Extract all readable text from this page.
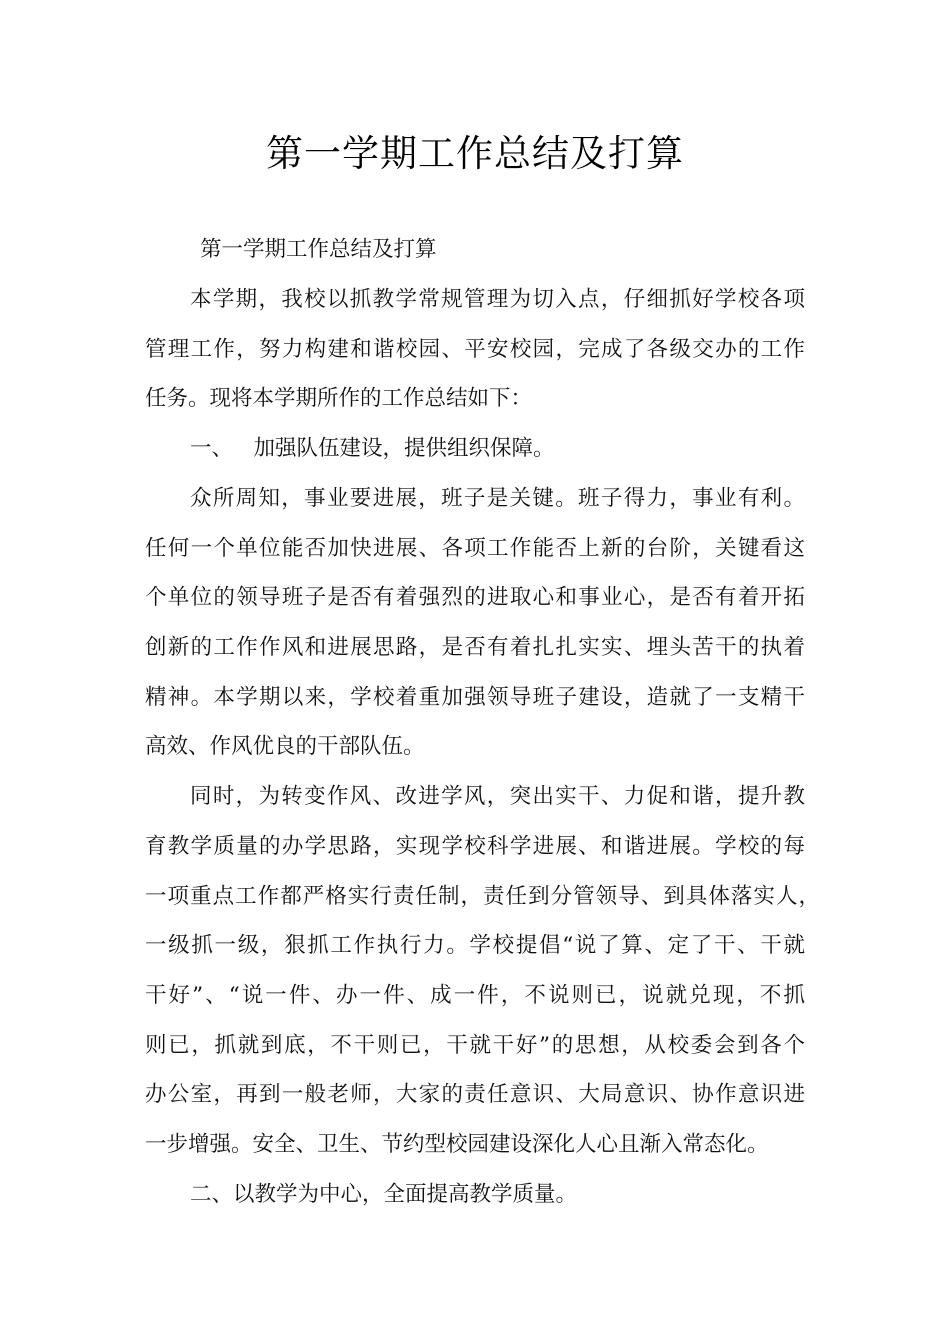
第一学期工作总结及打算
第一学期工作总结及打算
本学期，我校以抓教学常规管理为切入点，仔细抓好学校各项
管理工作，努力构建和谐校园、平安校园，完成了各级交办的工作
任务。现将本学期所作的工作总结如下：
一、   加强队伍建设，提供组织保障。
众所周知，事业要进展，班子是关键。班子得力，事业有利。
任何一个单位能否加快进展、各项工作能否上新的台阶，关键看这
个单位的领导班子是否有着强烈的进取心和事业心，是否有着开拓
创新的工作作风和进展思路，是否有着扎扎实实、埋头苦干的执着
精神。本学期以来，学校着重加强领导班子建设，造就了一支精干
高效、作风优良的干部队伍。
同时，为转变作风、改进学风，突出实干、力促和谐，提升教
育教学质量的办学思路，实现学校科学进展、和谐进展。学校的每
一项重点工作都严格实行责任制，责任到分管领导、到具体落实人，
一级抓一级，狠抓工作执行力。学校提倡“说了算、定了干、干就
干好”、“说一件、办一件、成一件，不说则已，说就兑现，不抓
则已，抓就到底，不干则已，干就干好”的思想，从校委会到各个
办公室，再到一般老师，大家的责任意识、大局意识、协作意识进
一步增强。安全、卫生、节约型校园建设深化人心且渐入常态化。
二、以教学为中心，全面提高教学质量。
